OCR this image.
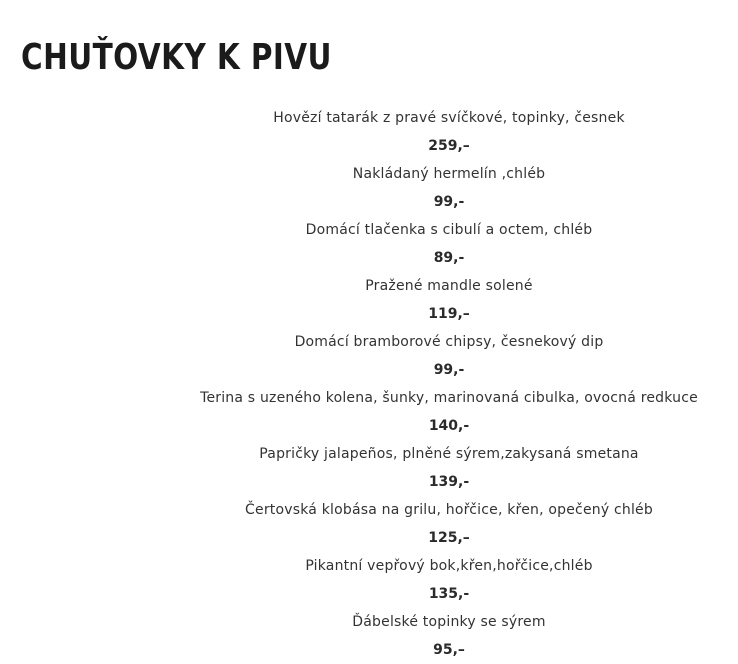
CHUŤOVKY K PIVU
Hovězí tatarák z pravé svíčkové, topinky, česnek
259,–
Nakládaný hermelín ,chléb
99,-
Domácí tlačenka s cibulí a octem, chléb
89,-
Pražené mandle solené
119,–
Domácí bramborové chipsy, česnekový dip
99,-
Terina s uzeného kolena, šunky, marinovaná cibulka, ovocná redkuce
140,-
Papričky jalapeños, plněné sýrem,zakysaná smetana
139,-
Čertovská klobása na grilu, hořčice, křen, opečený chléb
125,–
Pikantní vepřový bok,křen,hořčice,chléb
135,-
Ďábelské topinky se sýrem
95,–
